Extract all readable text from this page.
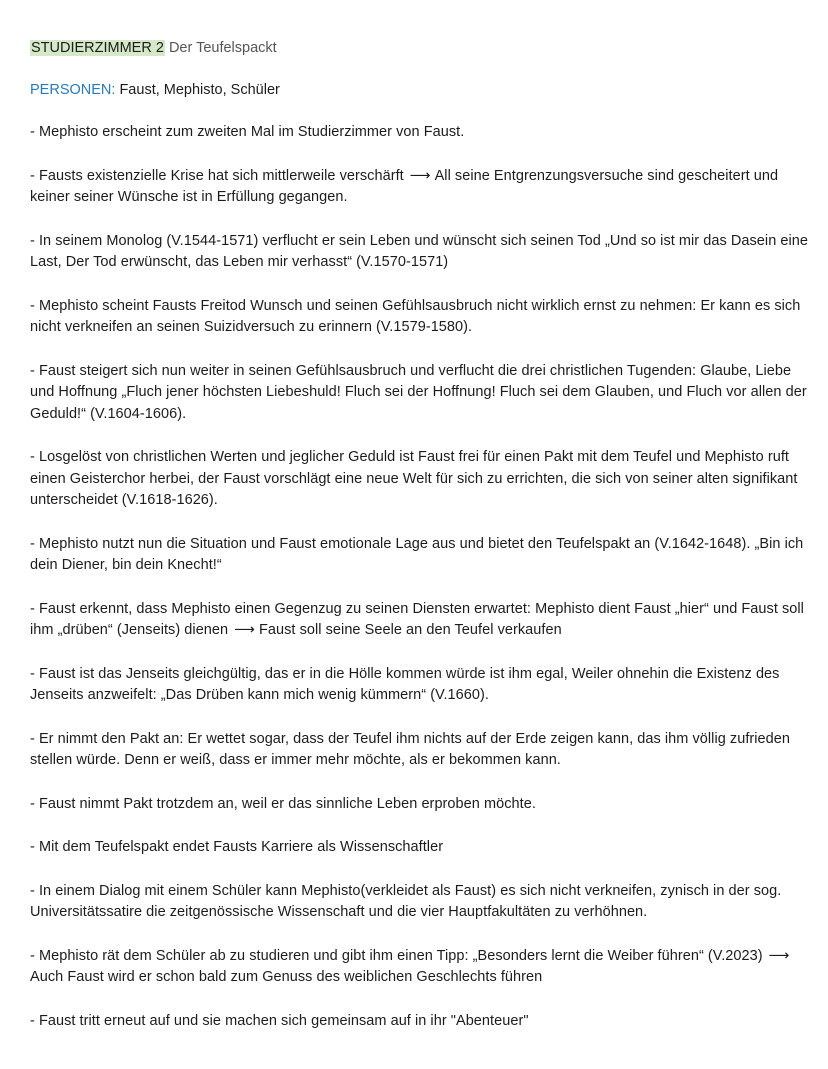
STUDIERZIMMER 2 Der Teufelspackt
PERSONEN: Faust, Mephisto, Schüler
- Mephisto erscheint zum zweiten Mal im Studierzimmer von Faust.
- Fausts existenzielle Krise hat sich mittlerweile verschärft ⟶ All seine Entgrenzungsversuche sind gescheitert und keiner seiner Wünsche ist in Erfüllung gegangen.
- In seinem Monolog (V.1544-1571) verflucht er sein Leben und wünscht sich seinen Tod „Und so ist mir das Dasein eine Last, Der Tod erwünscht, das Leben mir verhasst“ (V.1570-1571)
- Mephisto scheint Fausts Freitod Wunsch und seinen Gefühlsausbruch nicht wirklich ernst zu nehmen: Er kann es sich nicht verkneifen an seinen Suizidversuch zu erinnern (V.1579-1580).
- Faust steigert sich nun weiter in seinen Gefühlsausbruch und verflucht die drei christlichen Tugenden: Glaube, Liebe und Hoffnung „Fluch jener höchsten Liebeshuld! Fluch sei der Hoffnung! Fluch sei dem Glauben, und Fluch vor allen der Geduld!“ (V.1604-1606).
- Losgelöst von christlichen Werten und jeglicher Geduld ist Faust frei für einen Pakt mit dem Teufel und Mephisto ruft einen Geisterchor herbei, der Faust vorschlägt eine neue Welt für sich zu errichten, die sich von seiner alten signifikant unterscheidet (V.1618-1626).
- Mephisto nutzt nun die Situation und Faust emotionale Lage aus und bietet den Teufelspakt an (V.1642-1648). „Bin ich dein Diener, bin dein Knecht!“
- Faust erkennt, dass Mephisto einen Gegenzug zu seinen Diensten erwartet: Mephisto dient Faust „hier“ und Faust soll ihm „drüben“ (Jenseits) dienen ⟶ Faust soll seine Seele an den Teufel verkaufen
- Faust ist das Jenseits gleichgültig, das er in die Hölle kommen würde ist ihm egal, Weiler ohnehin die Existenz des Jenseits anzweifelt: „Das Drüben kann mich wenig kümmern“ (V.1660).
- Er nimmt den Pakt an: Er wettet sogar, dass der Teufel ihm nichts auf der Erde zeigen kann, das ihm völlig zufrieden stellen würde. Denn er weiß, dass er immer mehr möchte, als er bekommen kann.
- Faust nimmt Pakt trotzdem an, weil er das sinnliche Leben erproben möchte.
- Mit dem Teufelspakt endet Fausts Karriere als Wissenschaftler
- In einem Dialog mit einem Schüler kann Mephisto(verkleidet als Faust) es sich nicht verkneifen, zynisch in der sog. Universitätssatire die zeitgenössische Wissenschaft und die vier Hauptfakultäten zu verhöhnen.
- Mephisto rät dem Schüler ab zu studieren und gibt ihm einen Tipp: „Besonders lernt die Weiber führen“ (V.2023) ⟶Auch Faust wird er schon bald zum Genuss des weiblichen Geschlechts führen
- Faust tritt erneut auf und sie machen sich gemeinsam auf in ihr "Abenteuer"
